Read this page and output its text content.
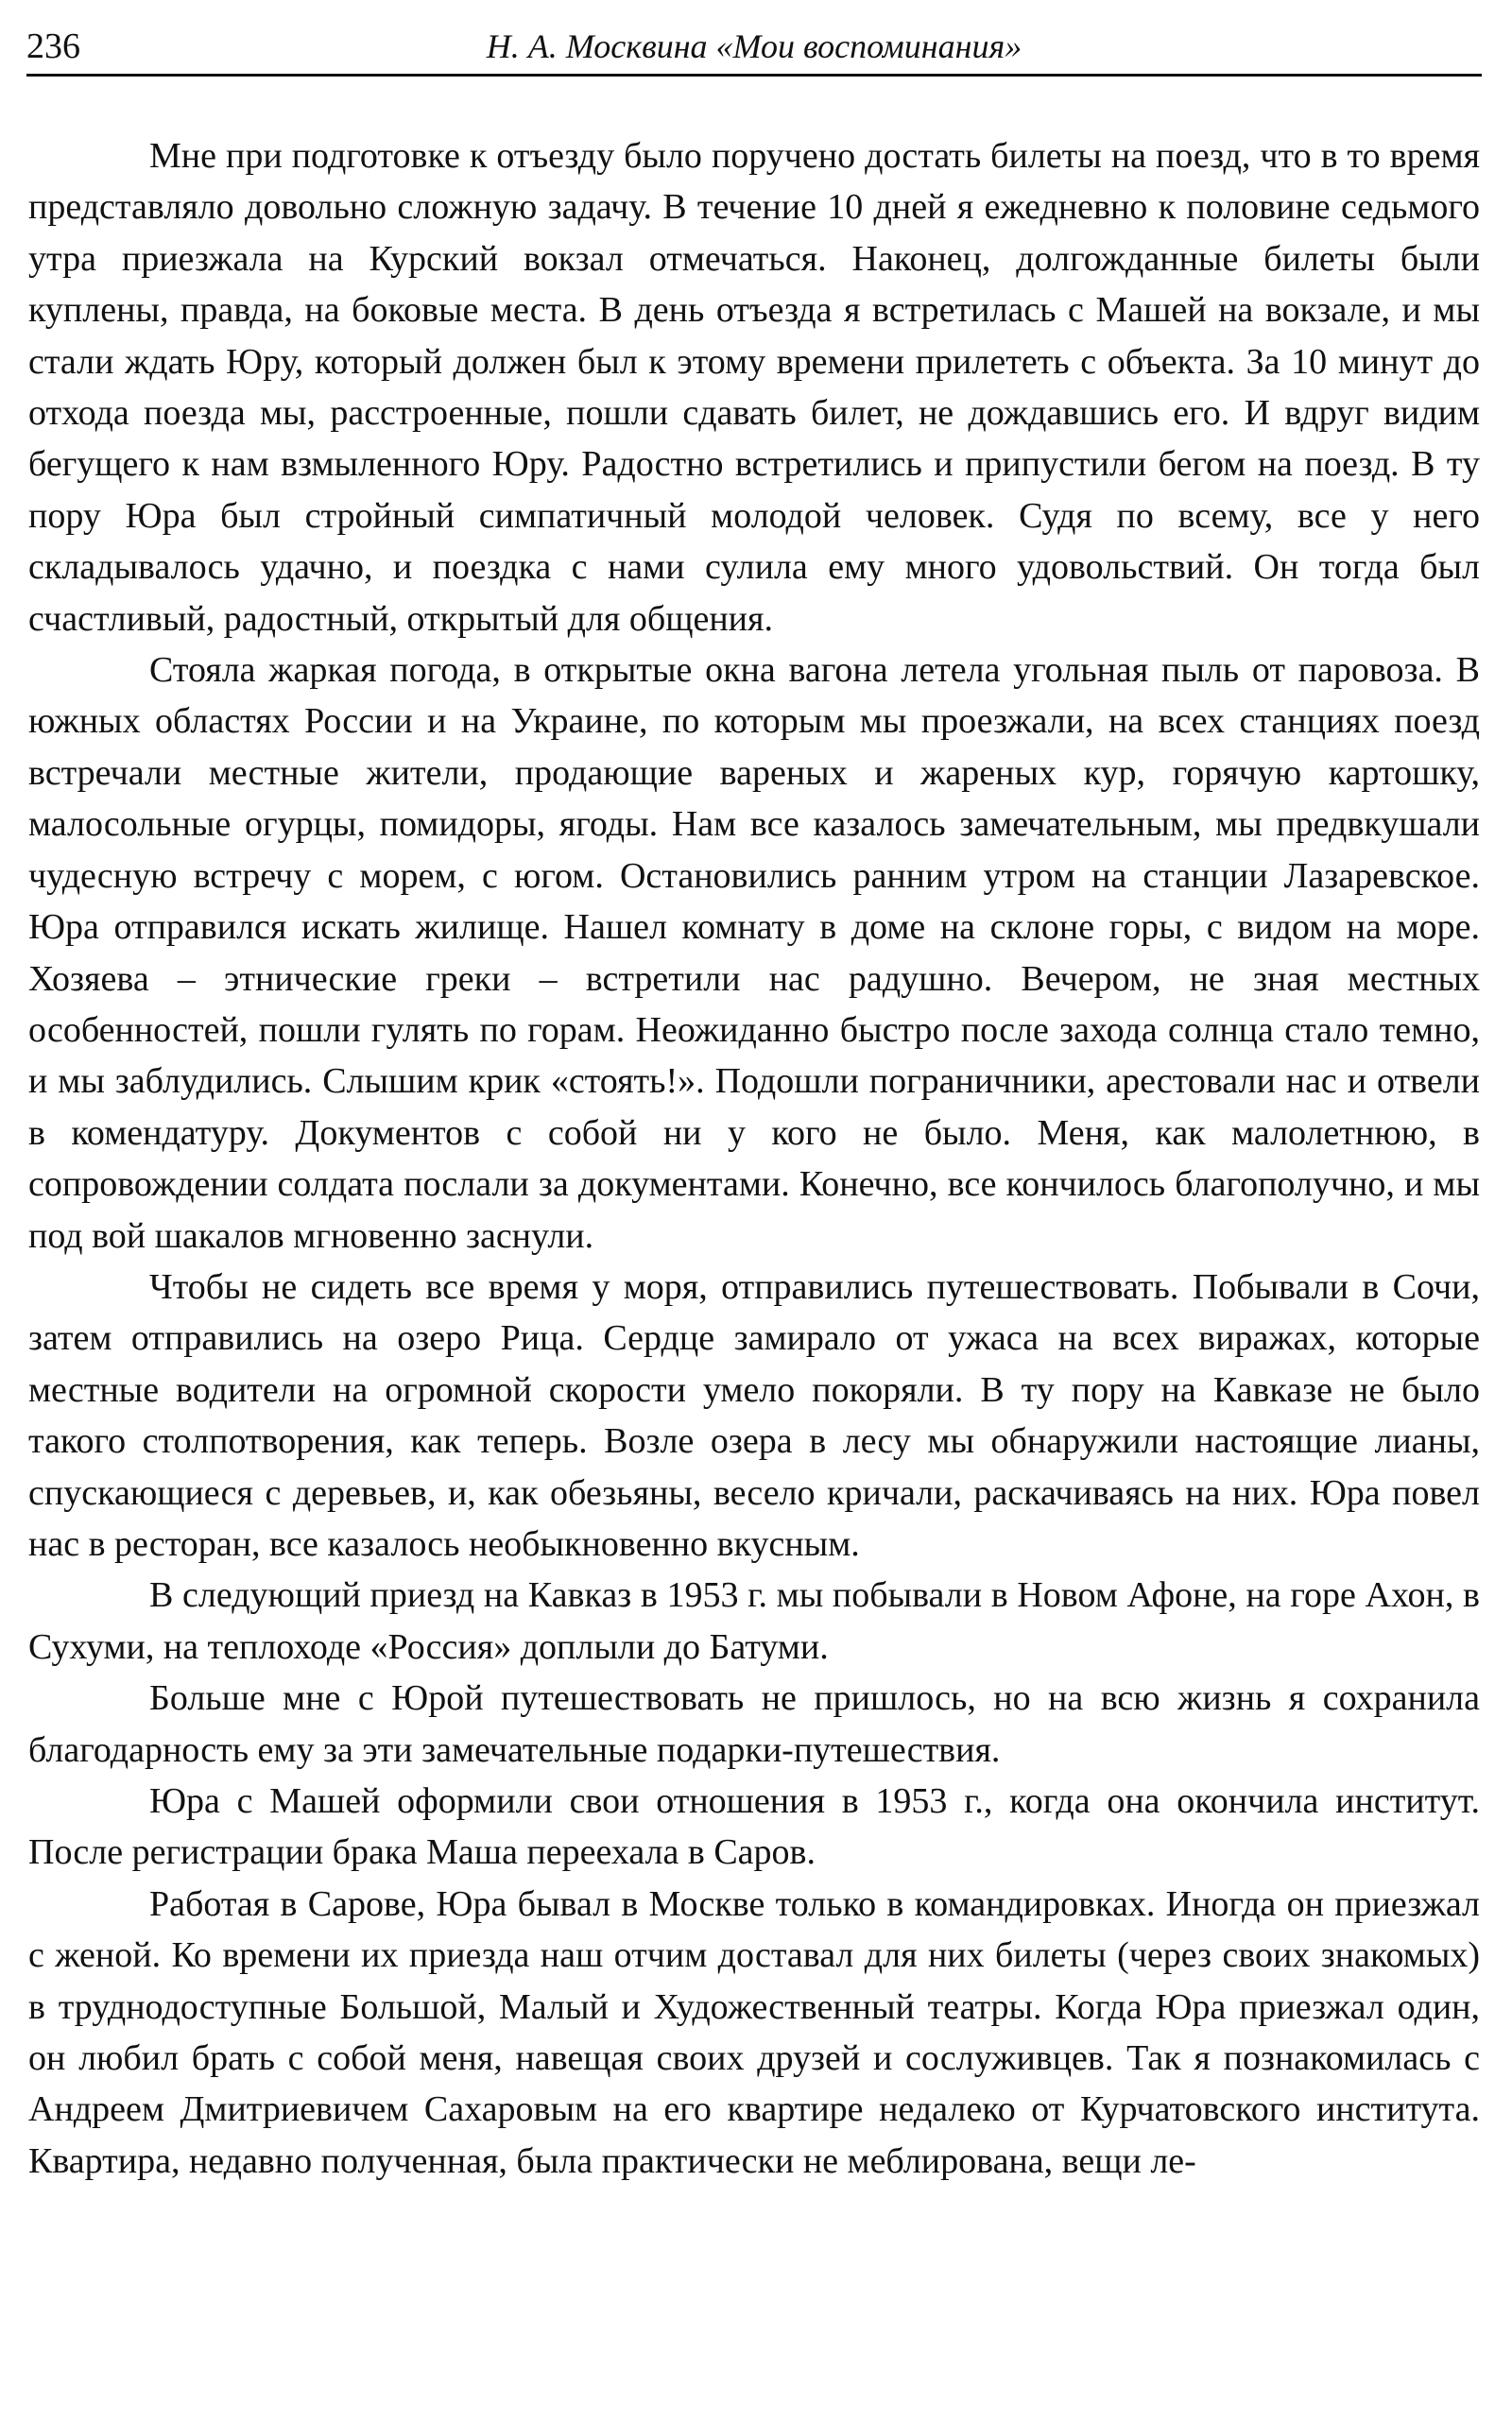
236	Н. А. Москвина «Мои воспоминания»

Мне при подготовке к отъезду было поручено достать билеты на поезд, что в то время представляло довольно сложную задачу. В течение 10 дней я ежедневно к половине седьмого утра приезжала на Курский вокзал отмечаться. Наконец, долгожданные билеты были куплены, правда, на боковые места. В день отъезда я встретилась с Машей на вокзале, и мы стали ждать Юру, который должен был к этому времени прилететь с объекта. За 10 минут до отхода поезда мы, расстроенные, пошли сдавать билет, не дождавшись его. И вдруг видим бегущего к нам взмыленного Юру. Радостно встретились и припустили бегом на поезд. В ту пору Юра был стройный симпатичный молодой человек. Судя по всему, все у него складывалось удачно, и поездка с нами сулила ему много удовольствий. Он тогда был счастливый, радостный, открытый для общения.

Стояла жаркая погода, в открытые окна вагона летела угольная пыль от паровоза. В южных областях России и на Украине, по которым мы проезжали, на всех станциях поезд встречали местные жители, продающие вареных и жареных кур, горячую картошку, малосольные огурцы, помидоры, ягоды. Нам все казалось замечательным, мы предвкушали чудесную встречу с морем, с югом. Остановились ранним утром на станции Лазаревское. Юра отправился искать жилище. Нашел комнату в доме на склоне горы, с видом на море. Хозяева – этнические греки – встретили нас радушно. Вечером, не зная местных особенностей, пошли гулять по горам. Неожиданно быстро после захода солнца стало темно, и мы заблудились. Слышим крик «стоять!». Подошли пограничники, арестовали нас и отвели в комендатуру. Документов с собой ни у кого не было. Меня, как малолетнюю, в сопровождении солдата послали за документами. Конечно, все кончилось благополучно, и мы под вой шакалов мгновенно заснули.

Чтобы не сидеть все время у моря, отправились путешествовать. Побывали в Сочи, затем отправились на озеро Рица. Сердце замирало от ужаса на всех виражах, которые местные водители на огромной скорости умело покоряли. В ту пору на Кавказе не было такого столпотворения, как теперь. Возле озера в лесу мы обнаружили настоящие лианы, спускающиеся с деревьев, и, как обезьяны, весело кричали, раскачиваясь на них. Юра повел нас в ресторан, все казалось необыкновенно вкусным.

В следующий приезд на Кавказ в 1953 г. мы побывали в Новом Афоне, на горе Ахон, в Сухуми, на теплоходе «Россия» доплыли до Батуми.

Больше мне с Юрой путешествовать не пришлось, но на всю жизнь я сохранила благодарность ему за эти замечательные подарки-путешествия.

Юра с Машей оформили свои отношения в 1953 г., когда она окончила институт. После регистрации брака Маша переехала в Саров.

Работая в Сарове, Юра бывал в Москве только в командировках. Иногда он приезжал с женой. Ко времени их приезда наш отчим доставал для них билеты (через своих знакомых) в труднодоступные Большой, Малый и Художественный театры. Когда Юра приезжал один, он любил брать с собой меня, навещая своих друзей и сослуживцев. Так я познакомилась с Андреем Дмитриевичем Сахаровым на его квартире недалеко от Курчатовского института. Квартира, недавно полученная, была практически не меблирована, вещи ле-
